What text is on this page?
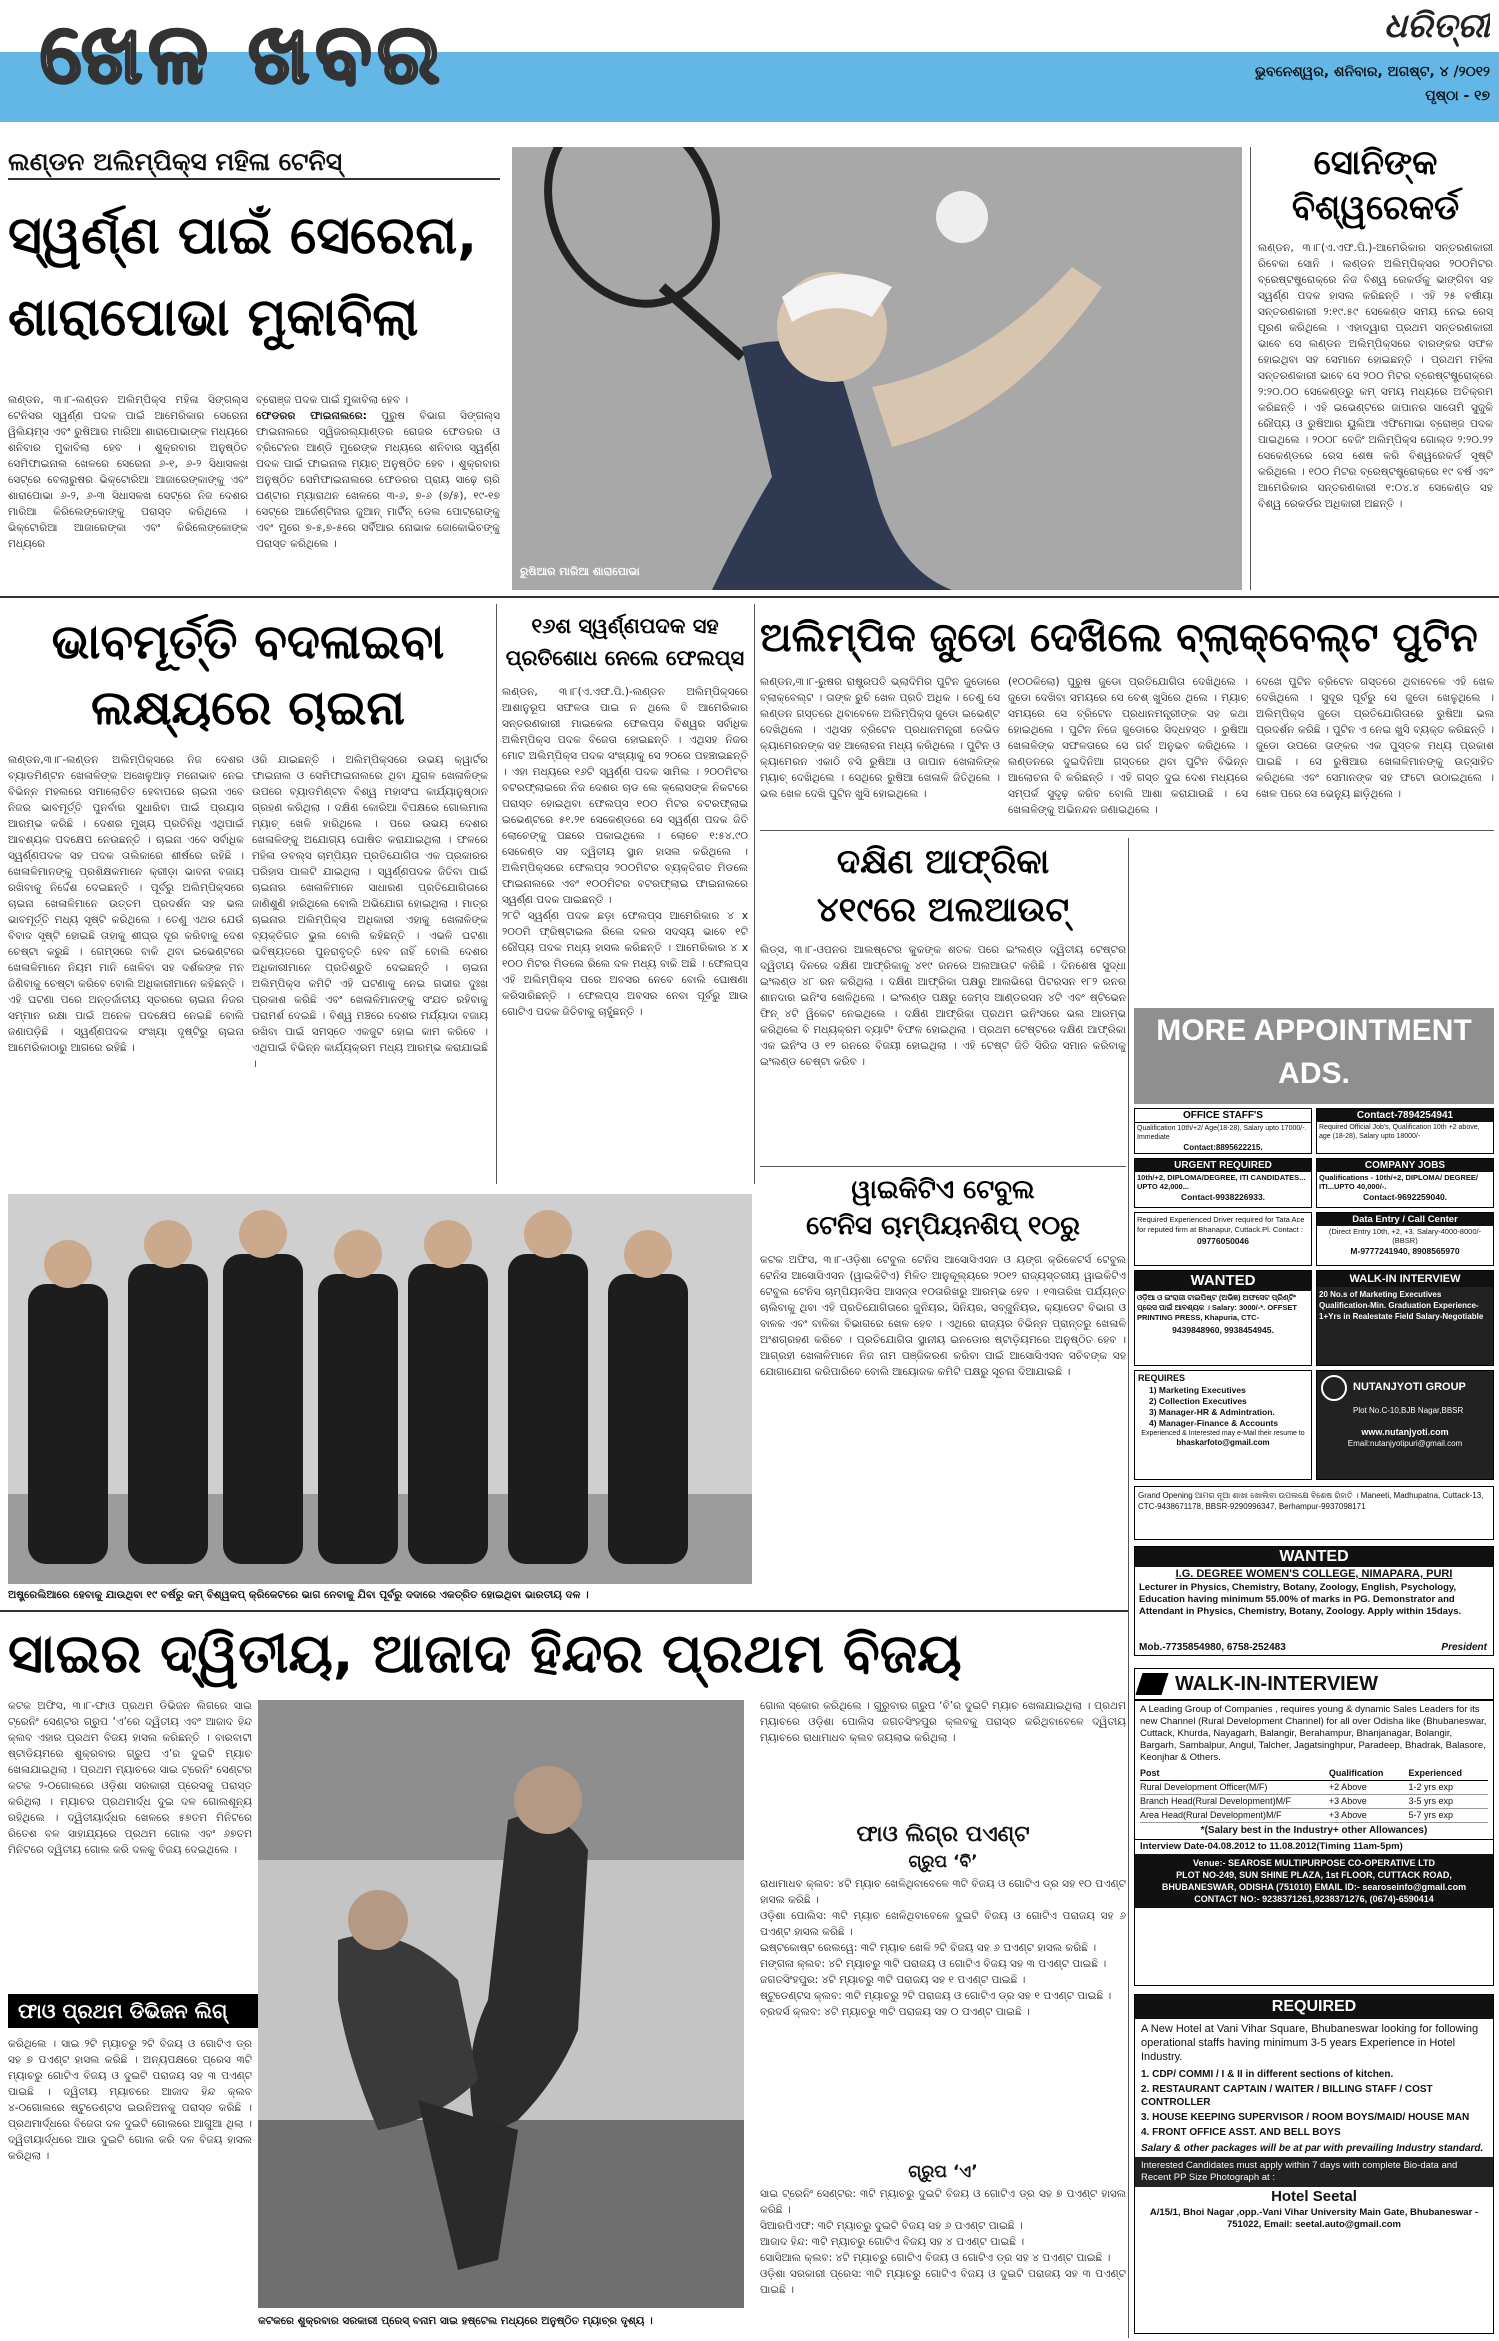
ଖେଳ ଖବର	ଧରିତ୍ରୀ
ଭୁବନେଶ୍ୱର, ଶନିବାର, ଅଗଷ୍ଟ, ୪ /୨୦୧୨
ପୃଷ୍ଠା - ୧୭
ଲଣ୍ଡନ ଅଲିମ୍ପିକ୍ସ ମହିଳା ଟେନିସ୍
ସ୍ୱର୍ଣ୍ଣ ପାଇଁ ସେରେନା,
ଶାରାପୋଭା ମୁକାବିଲା
ଲଣ୍ଡନ, ୩।୮-ଲଣ୍ଡନ ଅଲିମ୍ପିକ୍ସ ମହିଳା ସିଙ୍ଗଲ୍ସ ଟେନିସର ସ୍ୱର୍ଣ୍ଣ ପଦକ ପାଇଁ ଆମେରିକାର ସେରେନା ୱିଲିୟମ୍ସ ଏବଂ ରୁଷିଆର ମାରିଆ ଶାରାପୋଭାଙ୍କ ମଧ୍ୟରେ ଶନିବାର ମୁକାବିଲା ହେବ । ଶୁକ୍ରବାର ଅନୁଷ୍ଠିତ ସେମିଫାଇନାଲ ଖେଳରେ ସେରେନା ୬-୧, ୬-୨ ସିଧାସଳଖ ସେଟ୍‌ରେ ବେଲାରୁଷର ଭିକ୍ଟୋରିଆ ଆଜାରେଙ୍କାଙ୍କୁ ଏବଂ ଶାରାପୋଭା ୬-୨, ୬-୩ ସିଧାସଳଖ ସେଟ୍‌ରେ ନିଜ ଦେଶର ମାରିଆ କିରିଲେଙ୍କୋଙ୍କୁ ପରାସ୍ତ କରିଥିଲେ । ଭିକ୍ଟୋରିଆ ଆଜାରେଙ୍କା ଏବଂ କିରିଲେଙ୍କୋଙ୍କ ମଧ୍ୟରେ
ବ୍ରୋଞ୍ଜ ପଦକ ପାଇଁ ମୁକାବିଲା ହେବ ।
ଫେଡରର ଫାଇନାଲରେ: ପୁରୁଷ ବିଭାଗ ସିଙ୍ଗଲ୍ସ ଫାଇନାଲରେ ସ୍ୱିଜରଲ୍ୟାଣ୍ଡର ରୋଜର ଫେଡରର ଓ ବ୍ରିଟେନର ଆଣ୍ଡି ମୁରେଙ୍କ ମଧ୍ୟରେ ଶନିବାର ସ୍ୱର୍ଣ୍ଣ ପଦକ ପାଇଁ ଫାଇନାଲ ମ୍ୟାଚ୍ ଅନୁଷ୍ଠିତ ହେବ । ଶୁକ୍ରବାର ଅନୁଷ୍ଠିତ ସେମିଫାଇନାଲରେ ଫେଡରର ପ୍ରାୟ ସାଢ଼େ ଚାରି ଘଣ୍ଟାର ମ୍ୟାରାଥନ ଖେଳରେ ୩-୬, ୭-୬ (୭/୫), ୧୯-୧୭ ସେଟ୍‌ରେ ଆର୍ଜେଣ୍ଟିନାର ଜୁଆନ୍ ମାର୍ଟିନ୍ ଡେଲ ପୋଟ୍ରୋଙ୍କୁ ଏବଂ ମୁରେ ୭-୫,୭-୫ରେ ସର୍ବିଆର ନୋଭାକ ଜୋକୋଭିଚଙ୍କୁ ପରାସ୍ତ କରିଥିଲେ ।
ରୁଷିଆର ମାରିଆ ଶାରାପୋଭା
ସୋନିଙ୍କ
ବିଶ୍ୱରେକର୍ଡ
ଲଣ୍ଡନ, ୩।୮(ଏ.ଏଫ.ପି.)-ଆମେରିକାର ସନ୍ତରଣକାରୀ ରିବେକା ସୋନି । ଲଣ୍ଡନ ଅଲିମ୍ପିକ୍ସର ୨୦୦ମିଟର ବ୍ରେଷ୍ଟଷ୍ଟ୍ରୋକ୍‌ରେ ନିଜ ବିଶ୍ୱ ରେକର୍ଡକୁ ଭାଙ୍ଗିବା ସହ ସ୍ୱର୍ଣ୍ଣ ପଦକ ହାସଲ କରିଛନ୍ତି । ଏହି ୨୫ ବର୍ଷୀୟା ସନ୍ତରଣକାରୀ ୨:୧୯.୫୯ ସେକେଣ୍ଡ ସମୟ ନେଇ ରେସ୍ ପୂରଣ କରିଥିଲେ । ଏହାଦ୍ୱାରା ପ୍ରଥମ ସନ୍ତରଣକାରୀ ଭାବେ ସେ ଲଣ୍ଡନ ଅଲିମ୍ପିକ୍ସରେ ବାରଙ୍କର ସଫଳ ହୋଇଥିବା ସହ ସେମାନେ ହୋଇଛନ୍ତି । ପ୍ରଥମ ମହିଳା ସନ୍ତରଣକାରୀ ଭାବେ ସେ ୨୦୦ ମିଟର ବ୍ରେଷ୍ଟଷ୍ଟ୍ରୋକ୍‌ରେ ୨:୨୦.୦୦ ସେକେଣ୍ଡ୍‌ରୁ କମ୍ ସମୟ ମଧ୍ୟରେ ଅତିକ୍ରମ କରିଛନ୍ତି । ଏହି ଇଭେଣ୍ଟରେ ଜାପାନର ସାତୋମି ସୁଜୁକି ରୌପ୍ୟ ଓ ରୁଷିଆର ୟୁଲିଆ ଏଫିମୋଭା ବ୍ରୋଞ୍ଜ ପଦକ ପାଇଥିଲେ । ୨୦୦୮ ବେଜିଂ ଅଲିମ୍ପିକ୍ସ ଗୋଲ୍ଡ ୨:୨୦.୨୨ ସେକେଣ୍ଡରେ ରେସ ଶେଷ କରି ବିଶ୍ୱରେକର୍ଡ ସୃଷ୍ଟି କରିଥିଲେ । ୧୦୦ ମିଟର ବ୍ରେଷ୍ଟଷ୍ଟ୍ରୋକ୍‌ରେ ୧୯ ବର୍ଷ ଏବଂ ଆମେରିକାର ସନ୍ତରଣକାରୀ ୧:୦୪.୪ ସେକେଣ୍ଡ ସହ ବିଶ୍ୱ ରେକର୍ଡର ଅଧିକାରୀ ଅଛନ୍ତି ।
ଭାବମୂର୍ତ୍ତି ବଦଳାଇବା
ଲକ୍ଷ୍ୟରେ ଚାଇନା
ଲଣ୍ଡନ,୩।୮-ଲଣ୍ଡନ ଅଲିମ୍ପିକ୍ସରେ ନିଜ ଦେଶର ବ୍ୟାଡମିଣ୍ଟନ ଖେଳାଳିଙ୍କ ଅଖେଳୁଆଡ଼ ମନୋଭାବ ନେଇ ବିଭିନ୍ନ ମହଲରେ ସମାଲୋଚିତ ହେବାପରେ ଚାଇନା ଏବେ ନିଜର ଭାବମୂର୍ତ୍ତି ପୁନର୍ବାର ସୁଧାରିବା ପାଇଁ ପ୍ରୟାସ ଆରମ୍ଭ କରିଛି । ଦେଶର ମୁଖ୍ୟ ପ୍ରତିନିଧି ଏଥିପାଇଁ ଆବଶ୍ୟକ ପଦକ୍ଷେପ ନେଉଛନ୍ତି । ଚାଇନା ଏବେ ସର୍ବାଧିକ ସ୍ୱର୍ଣ୍ଣପଦକ ସହ ପଦକ ତାଲିକାରେ ଶୀର୍ଷରେ ରହିଛି । ଖେଳାଳିମାନଙ୍କୁ ପ୍ରଶିକ୍ଷକମାନେ କ୍ରୀଡ଼ା ଭାବନା ବଜାୟ ରଖିବାକୁ ନିର୍ଦ୍ଦେଶ ଦେଇଛନ୍ତି । ପୂର୍ବରୁ ଅଲିମ୍ପିକ୍ସରେ ଚାଇନା ଖେଳାଳିମାନେ ଉତ୍ତମ ପ୍ରଦର୍ଶନ ସହ ଭଲ ଭାବମୂର୍ତ୍ତି ମଧ୍ୟ ସୃଷ୍ଟି କରିଥିଲେ । ତେଣୁ ଏଥର ଯେଉଁ ବିବାଦ ସୃଷ୍ଟି ହୋଇଛି ତାହାକୁ ଶୀଘ୍ର ଦୂର କରିବାକୁ ଦେଶ ଚେଷ୍ଟା କରୁଛି । ଗେମ୍ସରେ ବାକି ଥିବା ଇଭେଣ୍ଟରେ ଖେଳାଳିମାନେ ନିୟମ ମାନି ଖେଳିବା ସହ ଦର୍ଶକଙ୍କ ମନ ଜିଣିବାକୁ ଚେଷ୍ଟା କରିବେ ବୋଲି ଅଧିକାରୀମାନେ କହିଛନ୍ତି । ଏହି ଘଟଣା ପରେ ଅନ୍ତର୍ଜାତୀୟ ସ୍ତରରେ ଚାଇନା ନିଜର ସମ୍ମାନ ରକ୍ଷା ପାଇଁ ଅନେକ ପଦକ୍ଷେପ ନେଇଛି ବୋଲି ଜଣାପଡ଼ିଛି । ସ୍ୱର୍ଣ୍ଣପଦକ ସଂଖ୍ୟା ଦୃଷ୍ଟିରୁ ଚାଇନା ଆମେରିକାଠାରୁ ଆଗରେ ରହିଛି ।
ଓରି ଯାଇଛନ୍ତି । ଅଲିମ୍ପିକ୍ସରେ ଉଭୟ କ୍ୱାର୍ଟର ଫାଇନାଲ ଓ ସେମିଫାଇନାଲରେ ଥିବା ଯୁଗଳ ଖେଳାଳିଙ୍କ ଉପରେ ବ୍ୟାଡମିଣ୍ଟନ ବିଶ୍ୱ ମହାସଂଘ କାର୍ଯ୍ୟାନୁଷ୍ଠାନ ଗ୍ରହଣ କରିଥିଲା । ଦକ୍ଷିଣ କୋରିଆ ବିପକ୍ଷରେ ଗୋଲମାଲ ମ୍ୟାଚ୍ ଖେଳି ହାରିଥିଲେ । ପରେ ଉଭୟ ଦେଶର ଖେଳାଳିଙ୍କୁ ଅଯୋଗ୍ୟ ଘୋଷିତ କରାଯାଇଥିଲା । ଫଳରେ ମହିଳା ଡବଲ୍ସ ଚାମ୍ପିୟନ ପ୍ରତିଯୋଗିତା ଏକ ପ୍ରକାରର ପରିହାସ ପାଲଟି ଯାଇଥିଲା । ସ୍ୱର୍ଣ୍ଣପଦକ ଜିତିବା ପାଇଁ ଚାଇନାର ଖେଳାଳିମାନେ ସାଧାରଣ ପ୍ରତିଯୋଗିତାରେ ଜାଣିଶୁଣି ହାରିଥିଲେ ବୋଲି ଅଭିଯୋଗ ହୋଇଥିଲା । ମାତ୍ର ଚାଇନାର ଅଲିମ୍ପିକ୍ସ ଅଧିକାରୀ ଏହାକୁ ଖେଳାଳିଙ୍କ ବ୍ୟକ୍ତିଗତ ଭୁଲ ବୋଲି କହିଛନ୍ତି । ଏଭଳି ଘଟଣା ଭବିଷ୍ୟତରେ ପୁନରାବୃତ୍ତି ହେବ ନାହିଁ ବୋଲି ଦେଶର ଅଧିକାରୀମାନେ ପ୍ରତିଶ୍ରୁତି ଦେଇଛନ୍ତି । ଚାଇନା ଅଲିମ୍ପିକ୍ସ କମିଟି ଏହି ଘଟଣାକୁ ନେଇ ଗଭୀର ଦୁଃଖ ପ୍ରକାଶ କରିଛି ଏବଂ ଖେଳାଳିମାନଙ୍କୁ ସଂଯତ ରହିବାକୁ ପରାମର୍ଶ ଦେଇଛି । ବିଶ୍ୱ ମଞ୍ଚରେ ଦେଶର ମର୍ଯ୍ୟାଦା ବଜାୟ ରଖିବା ପାଇଁ ସମସ୍ତେ ଏକଜୁଟ ହୋଇ କାମ କରିବେ । ଏଥିପାଇଁ ବିଭିନ୍ନ କାର୍ଯ୍ୟକ୍ରମ ମଧ୍ୟ ଆରମ୍ଭ କରାଯାଇଛି ।
୧୬ଶ ସ୍ୱର୍ଣ୍ଣପଦକ ସହ
ପ୍ରତିଶୋଧ ନେଲେ ଫେଲପ୍ସ
ଲଣ୍ଡନ, ୩।୮(ଏ.ଏଫ.ପି.)-ଲଣ୍ଡନ ଅଲିମ୍ପିକ୍ସରେ ଆଶାନୁରୂପ ସଫଳତା ପାଇ ନ ଥିଲେ ବି ଆମେରିକାର ସନ୍ତରଣକାରୀ ମାଇକେଲ ଫେଲପ୍ସ ବିଶ୍ୱର ସର୍ବାଧିକ ଅଲିମ୍ପିକ୍ସ ପଦକ ବିଜେତା ହୋଇଛନ୍ତି । ଏଥିସହ ନିଜର ମୋଟ ଅଲିମ୍ପିକ୍ସ ପଦକ ସଂଖ୍ୟାକୁ ସେ ୨୦ରେ ପହଞ୍ଚାଇଛନ୍ତି । ଏହା ମଧ୍ୟରେ ୧୬ଟି ସ୍ୱର୍ଣ୍ଣ ପଦକ ସାମିଲ । ୨୦୦ମିଟର ବଟରଫ୍ଲାଇରେ ନିଜ ଦେଶର ଚାଡ ଲେ କ୍ଲୋସଙ୍କ ନିକଟରେ ପରାସ୍ତ ହୋଇଥିବା ଫେଲପ୍ସ ୧୦୦ ମିଟର ବଟରଫ୍ଲାଇ ଇଭେଣ୍ଟରେ ୫୧.୨୧ ସେକେଣ୍ଡରେ ସେ ସ୍ୱର୍ଣ୍ଣ ପଦକ ଜିତି ଲୋଚେଙ୍କୁ ପଛରେ ପକାଇଥିଲେ । ଲୋଚେ ୧:୫୪.୯୦ ସେକେଣ୍ଡ ସହ ଦ୍ୱିତୀୟ ସ୍ଥାନ ହାସଲ କରିଥିଲେ । ଅଲିମ୍ପିକ୍ସରେ ଫେଲପ୍ସ ୨୦୦ମିଟର ବ୍ୟକ୍ତିଗତ ମିଡଲେ ଫାଇନାଲରେ ଏବଂ ୧୦୦ମିଟର ବଟରଫ୍ଲାଇ ଫାଇନାଲରେ ସ୍ୱର୍ଣ୍ଣ ପଦକ ପାଇଛନ୍ତି ।
୨୮ଟି ସ୍ୱର୍ଣ୍ଣ ପଦକ ଛଡ଼ା ଫେଲପ୍ସ ଆମେରିକାର ୪ x ୨୦୦ମି ଫ୍ରିଷ୍ଟାଇଲ ରିଲେ ଦଳର ସଦସ୍ୟ ଭାବେ ୧ଟି ରୌପ୍ୟ ପଦକ ମଧ୍ୟ ହାସଲ କରିଛନ୍ତି । ଆମେରିକାର ୪ x ୧୦୦ ମିଟର ମିଡଲେ ରିଲେ ଦଳ ମଧ୍ୟ ବାକି ଅଛି । ଫେଲପ୍ସ ଏହି ଅଲିମ୍ପିକ୍ସ ପରେ ଅବସର ନେବେ ବୋଲି ଘୋଷଣା କରିସାରିଛନ୍ତି । ଫେଲପ୍ସ ଅବସର ନେବା ପୂର୍ବରୁ ଆଉ ଗୋଟିଏ ପଦକ ଜିତିବାକୁ ଚାହୁଁଛନ୍ତି ।
ଅଲିମ୍ପିକ ଜୁଡୋ ଦେଖିଲେ ବ୍ଲାକ୍‌ବେଲ୍ଟ ପୁଟିନ
ଲଣ୍ଡନ,୩।୮-ରୁଷର ରାଷ୍ଟ୍ରପତି ଭ୍ଲାଦିମିର ପୁଟିନ ଜୁଡୋରେ ବ୍ଲାକ୍‌ବେଲ୍ଟ । ତାଙ୍କ ରୁଚି ଖେଳ ପ୍ରତି ଅଧିକ । ତେଣୁ ସେ ଲଣ୍ଡନ ଗସ୍ତରେ ଥିବାବେଳେ ଅଲିମ୍ପିକ୍ସ ଜୁଡୋ ଇଭେଣ୍ଟ ଦେଖିଥିଲେ । ଏଥିସହ ବ୍ରିଟେନ ପ୍ରଧାନମନ୍ତ୍ରୀ ଡେଭିଡ କ୍ୟାମେରନଙ୍କ ସହ ଆଲୋଚନା ମଧ୍ୟ କରିଥିଲେ । ପୁଟିନ ଓ କ୍ୟାମେରନ ଏକାଠି ବସି ରୁଷିଆ ଓ ଜାପାନ ଖେଳାଳିଙ୍କ ମ୍ୟାଚ୍ ଦେଖିଥିଲେ । ସେଥିରେ ରୁଷିଆ ଖେଳାଳି ଜିତିଥିଲେ । ଭଲ ଖେଳ ଦେଖି ପୁଟିନ ଖୁସି ହୋଇଥିଲେ ।
(୧୦୦କିଲୋ) ପୁରୁଷ ଜୁଡୋ ପ୍ରତିଯୋଗିତା ଦେଖିଥିଲେ । ଜୁଡୋ ଦେଖିବା ସମୟରେ ସେ ବେଶ୍ ଖୁସିରେ ଥିଲେ । ମ୍ୟାଚ୍ ସମୟରେ ସେ ବ୍ରିଟେନ ପ୍ରଧାନମନ୍ତ୍ରୀଙ୍କ ସହ କଥା ହୋଇଥିଲେ । ପୁଟିନ ନିଜେ ଜୁଡୋରେ ସିଦ୍ଧହସ୍ତ । ରୁଷିଆ ଖେଳାଳିଙ୍କ ସଫଳତାରେ ସେ ଗର୍ବ ଅନୁଭବ କରିଥିଲେ । ଲଣ୍ଡନରେ ଦୁଇଦିନିଆ ଗସ୍ତରେ ଥିବା ପୁଟିନ ବିଭିନ୍ନ ଆଲୋଚନା ବି କରିଛନ୍ତି । ଏହି ଗସ୍ତ ଦୁଇ ଦେଶ ମଧ୍ୟରେ ସମ୍ପର୍କ ସୁଦୃଢ଼ କରିବ ବୋଲି ଆଶା କରାଯାଉଛି । ସେ ଖେଳାଳିଙ୍କୁ ଅଭିନନ୍ଦନ ଜଣାଇଥିଲେ ।
ଦେଖେ ପୁଟିନ ବ୍ରିଟେନ ଗସ୍ତରେ ଥିବାବେଳେ ଏହି ଖେଳ ଦେଖିଥିଲେ । ସୁଦୂର ପୂର୍ବରୁ ସେ ଜୁଡୋ ଖେଳୁଥିଲେ । ଅଲିମ୍ପିକ୍ସ ଜୁଡୋ ପ୍ରତିଯୋଗିତାରେ ରୁଷିଆ ଭଲ ପ୍ରଦର୍ଶନ କରିଛି । ପୁଟିନ ଏ ନେଇ ଖୁସି ବ୍ୟକ୍ତ କରିଛନ୍ତି । ଜୁଡୋ ଉପରେ ତାଙ୍କର ଏକ ପୁସ୍ତକ ମଧ୍ୟ ପ୍ରକାଶ ପାଇଛି । ସେ ରୁଷିଆର ଖେଳାଳିମାନଙ୍କୁ ଉତ୍ସାହିତ କରିଥିଲେ ଏବଂ ସେମାନଙ୍କ ସହ ଫଟୋ ଉଠାଇଥିଲେ । ଖେଳ ପରେ ସେ ଭେନ୍ୟୁ ଛାଡ଼ିଥିଲେ ।
ଦକ୍ଷିଣ ଆଫ୍ରିକା
୪୧୯ରେ ଅଲଆଉଟ୍
ଲିଡ୍ସ, ୩।୮-ଓପନର ଆଲଷ୍ଟେର କୁକଙ୍କ ଶତକ ପରେ ଇଂଲଣ୍ଡ ଦ୍ୱିତୀୟ ଟେଷ୍ଟର ଦ୍ୱିତୀୟ ଦିନରେ ଦକ୍ଷିଣ ଆଫ୍ରିକାକୁ ୪୧୯ ରନରେ ଅଲଆଉଟ କରିଛି । ଦିନଶେଷ ସୁଦ୍ଧା ଇଂଲଣ୍ଡ ୪୮ ରନ କରିଥିଲା । ଦକ୍ଷିଣ ଆଫ୍ରିକା ପକ୍ଷରୁ ଆଲଭିରୋ ପିଟରସନ ୧୮୨ ରନର ଶାନଦାର ଇନିଂସ ଖେଳିଥିଲେ । ଇଂଲଣ୍ଡ ପକ୍ଷରୁ ଜେମ୍ସ ଆଣ୍ଡରସନ ୪ଟି ଏବଂ ଷ୍ଟିଭେନ ଫିନ୍ ୪ଟି ୱିକେଟ ନେଇଥିଲେ । ଦକ୍ଷିଣ ଆଫ୍ରିକା ପ୍ରଥମ ଇନିଂସରେ ଭଲ ଆରମ୍ଭ କରିଥିଲେ ବି ମଧ୍ୟକ୍ରମ ବ୍ୟାଟିଂ ବିଫଳ ହୋଇଥିଲା । ପ୍ରଥମ ଟେଷ୍ଟରେ ଦକ୍ଷିଣ ଆଫ୍ରିକା ଏକ ଇନିଂସ ଓ ୧୨ ରନରେ ବିଜୟୀ ହୋଇଥିଲା । ଏହି ଟେଷ୍ଟ ଜିତି ସିରିଜ ସମାନ କରିବାକୁ ଇଂଲଣ୍ଡ ଚେଷ୍ଟା କରିବ ।
ୱାଇକିଟିଏ ଟେବୁଲ
ଟେନିସ ଚାମ୍ପିୟନଶିପ୍ ୧୦ରୁ
କଟକ ଅଫିସ, ୩।୮-ଓଡ଼ିଶା ଟେବୁଲ ଟେନିସ ଆସୋସିଏସନ ଓ ୟଙ୍ଗ କ୍ରିକେଟର୍ସ ଟେବୁଲ ଟେନିସ ଆସୋସିଏସନ (ୱାଇକିଟିଏ) ମିଳିତ ଆନୁକୂଲ୍ୟରେ ୨୦୧୨ ରାଜ୍ୟସ୍ତରୀୟ ୱାଇକିଟିଏ ଟେବୁଲ ଟେନିସ ଚାମ୍ପିୟନସିପ ଆସନ୍ତା ୧୦ତାରିଖରୁ ଆରମ୍ଭ ହେବ । ୧୩ତାରିଖ ପର୍ଯ୍ୟନ୍ତ ଚାଲିବାକୁ ଥିବା ଏହି ପ୍ରତିଯୋଗିତାରେ ଜୁନିୟର, ସିନିୟର, ସବ୍‌ଜୁନିୟର, କ୍ୟାଡେଟ ବିଭାଗ ଓ ବାଳକ ଏବଂ ବାଳିକା ବିଭାଗରେ ଖେଳ ହେବ । ଏଥିରେ ରାଜ୍ୟର ବିଭିନ୍ନ ପ୍ରାନ୍ତରୁ ଖେଳାଳି ଅଂଶଗ୍ରହଣ କରିବେ । ପ୍ରତିଯୋଗିତା ସ୍ଥାନୀୟ ଇନଡୋର ଷ୍ଟାଡ଼ିୟମରେ ଅନୁଷ୍ଠିତ ହେବ । ଆଗ୍ରହୀ ଖେଳାଳିମାନେ ନିଜ ନାମ ପଞ୍ଜିକରଣ କରିବା ପାଇଁ ଆସୋସିଏସନ ସଚିବଙ୍କ ସହ ଯୋଗାଯୋଗ କରିପାରିବେ ବୋଲି ଆୟୋଜକ କମିଟି ପକ୍ଷରୁ ସୂଚନା ଦିଆଯାଇଛି ।
ଅଷ୍ଟ୍ରେଲିଆରେ ହେବାକୁ ଯାଉଥିବା ୧୯ ବର୍ଷରୁ କମ୍ ବିଶ୍ୱକପ୍ କ୍ରିକେଟରେ ଭାଗ ନେବାକୁ ଯିବା ପୂର୍ବରୁ ଦଦାରେ ଏକତ୍ରିତ ହୋଇଥିବା ଭାରତୀୟ ଦଳ ।
ସାଇର ଦ୍ୱିତୀୟ, ଆଜାଦ ହିନ୍ଦର ପ୍ରଥମ ବିଜୟ
କଟକ ଅଫିସ, ୩।୮-ଫାଓ ପ୍ରଥମ ଡିଭିଜନ ଲିଗରେ ସାଇ ଟ୍ରେନିଂ ସେଣ୍ଟର ଗ୍ରୁପ ‘ଏ’ରେ ଦ୍ୱିତୀୟ ଏବଂ ଆଜାଦ ହିନ୍ଦ କ୍ଲବ ଏହାର ପ୍ରଥମ ବିଜୟ ହାସଲ କରିଛନ୍ତି । ବାରବାଟୀ ଷ୍ଟାଡିୟମରେ ଶୁକ୍ରବାର ଗ୍ରୁପ ଏ’ର ଦୁଇଟି ମ୍ୟାଚ ଖେଳାଯାଇଥିଲା । ପ୍ରଥମ ମ୍ୟାଚରେ ସାଇ ଟ୍ରେନିଂ ସେଣ୍ଟର କଟକ ୨-୦ଗୋଲରେ ଓଡ଼ିଶା ସରକାରୀ ପ୍ରେସକୁ ପରାସ୍ତ କରିଥିଲା । ମ୍ୟାଚର ପ୍ରଥମାର୍ଦ୍ଧ ଦୁଇ ଦଳ ଗୋଲଶୂନ୍ୟ ରହିଥିଲେ । ଦ୍ୱିତୀୟାର୍ଦ୍ଧର ଖେଳରେ ୫୭ତମ ମିନିଟରେ ରିତେଶ ବଳ ସାହାଯ୍ୟରେ ପ୍ରଥମ ଗୋଲ ଏବଂ ୬୭ତମ ମିନିଟରେ ଦ୍ୱିତୀୟ ଗୋଲ କରି ଦଳକୁ ବିଜୟ ଦେଇଥିଲେ ।
ଫାଓ ପ୍ରଥମ ଡିଭିଜନ ଲିଗ୍
କରିଥିଲେ । ସାଇ ୨ଟି ମ୍ୟାଚରୁ ୨ଟି ବିଜୟ ଓ ଗୋଟିଏ ଡ୍ର ସହ ୭ ପଏଣ୍ଟ ହାସଲ କରିଛି । ଅନ୍ୟପକ୍ଷରେ ପ୍ରେସ ୩ଟି ମ୍ୟାଚରୁ ଗୋଟିଏ ବିଜୟ ଓ ଦୁଇଟି ପରାଜୟ ସହ ୩ ପଏଣ୍ଟ ପାଇଛି । ଦ୍ୱିତୀୟ ମ୍ୟାଚରେ ଆଜାଦ ହିନ୍ଦ କ୍ଲବ ୪-୦ଗୋଲରେ ଷ୍ଟୁଡେଣ୍ଟସ ଇଉନିଅନକୁ ପରାସ୍ତ କରିଛି । ପ୍ରଥମାର୍ଦ୍ଧରେ ବିଜେତା ଦଳ ଦୁଇଟି ଗୋଲରେ ଆଗୁଆ ଥିଲା । ଦ୍ୱିତୀୟାର୍ଦ୍ଧରେ ଆଉ ଦୁଇଟି ଗୋଲ କରି ଦଳ ବିଜୟ ହାସଲ କରିଥିଲା ।
କଟକରେ ଶୁକ୍ରବାର ସରକାରୀ ପ୍ରେସ୍ ବନାମ ସାଇ ହଷ୍ଟେଲ ମଧ୍ୟରେ ଅନୁଷ୍ଠିତ ମ୍ୟାଚ୍‌ର ଦୃଶ୍ୟ ।
ଗୋଲ ସ୍କୋର କରିଥିଲେ । ଗୁରୁବାର ଗ୍ରୁପ ‘ବି’ର ଦୁଇଟି ମ୍ୟାଚ ଖେଳାଯାଇଥିଲା । ପ୍ରଥମ ମ୍ୟାଚରେ ଓଡ଼ିଶା ପୋଲିସ ଜଗତସିଂହପୁର କ୍ଲବକୁ ପରାସ୍ତ କରିଥିବାବେଳେ ଦ୍ୱିତୀୟ ମ୍ୟାଚରେ ରାଧାମାଧବ କ୍ଲବ ଜୟଲାଭ କରିଥିଲା ।
ଫାଓ ଲିଗ୍‌ର ପଏଣ୍ଟ
ଗ୍ରୁପ ‘ବି’
ରାଧାମାଧବ କ୍ଲବ: ୪ଟି ମ୍ୟାଚ ଖେଳିଥିବାବେଳେ ୩ଟି ବିଜୟ ଓ ଗୋଟିଏ ଡ୍ର ସହ ୧୦ ପଏଣ୍ଟ ହାସଲ କରିଛି ।
ଓଡ଼ିଶା ପୋଲିସ: ୩ଟି ମ୍ୟାଚ ଖେଳିଥିବାବେଳେ ଦୁଇଟି ବିଜୟ ଓ ଗୋଟିଏ ପରାଜୟ ସହ ୬ ପଏଣ୍ଟ ହାସଲ କରିଛି ।
ଇଷ୍ଟକୋଷ୍ଟ ରେଲୱେ: ୩ଟି ମ୍ୟାଚ ଖେଳି ୨ଟି ବିଜୟ ସହ ୬ ପଏଣ୍ଟ ହାସଲ କରିଛି ।
ମଙ୍ଗଳା କ୍ଲବ: ୪ଟି ମ୍ୟାଚରୁ ୩ଟି ପରାଜୟ ଓ ଗୋଟିଏ ବିଜୟ ସହ ୩ ପଏଣ୍ଟ ପାଇଛି ।
ଜଗତସିଂହପୁର: ୪ଟି ମ୍ୟାଚରୁ ୩ଟି ପରାଜୟ ସହ ୧ ପଏଣ୍ଟ ପାଇଛି ।
ଷ୍ଟୁଡେଣ୍ଟସ କ୍ଲବ: ୩ଟି ମ୍ୟାଚରୁ ୨ଟି ପରାଜୟ ଓ ଗୋଟିଏ ଡ୍ର ସହ ୧ ପଏଣ୍ଟ ପାଇଛି ।
ବ୍ରଦର୍ସ କ୍ଲବ: ୪ଟି ମ୍ୟାଚରୁ ୩ଟି ପରାଜୟ ସହ ୦ ପଏଣ୍ଟ ପାଇଛି ।
ଗ୍ରୁପ ‘ଏ’
ସାଇ ଟ୍ରେନିଂ ସେଣ୍ଟର: ୩ଟି ମ୍ୟାଚରୁ ଦୁଇଟି ବିଜୟ ଓ ଗୋଟିଏ ଡ୍ର ସହ ୭ ପଏଣ୍ଟ ହାସଲ କରିଛି ।
ସିଆରପିଏଫ: ୩ଟି ମ୍ୟାଚରୁ ଦୁଇଟି ବିଜୟ ସହ ୬ ପଏଣ୍ଟ ପାଇଛି ।
ଆଜାଦ ହିନ୍ଦ: ୩ଟି ମ୍ୟାଚରୁ ଗୋଟିଏ ବିଜୟ ସହ ୪ ପଏଣ୍ଟ ପାଇଛି ।
ସୋସିଆଲ କ୍ଲବ: ୪ଟି ମ୍ୟାଚରୁ ଗୋଟିଏ ବିଜୟ ଓ ଗୋଟିଏ ଡ୍ର ସହ ୪ ପଏଣ୍ଟ ପାଇଛି ।
ଓଡ଼ିଶା ସରକାରୀ ପ୍ରେସ: ୩ଟି ମ୍ୟାଚରୁ ଗୋଟିଏ ବିଜୟ ଓ ଦୁଇଟି ପରାଜୟ ସହ ୩ ପଏଣ୍ଟ ପାଇଛି ।
MORE APPOINTMENT
ADS.
OFFICE STAFF'S
Qualification 10th/+2/ Age(18-28), Salary upto 17000/-. Immediate
Contact:8895622215.
Contact-7894254941
Required Official Job's, Qualification 10th +2 above, age (18-28), Salary upto 18000/-
URGENT REQUIRED
10th/+2, DIPLOMA/DEGREE, ITI CANDIDATES... UPTO 42,000...
Contact-9938226933.
COMPANY JOBS
Qualifications - 10th/+2, DIPLOMA/ DEGREE/ ITI...UPTO 40,000/-.
Contact-9692259040.
Required Experienced Driver required for Tata Ace for reputed firm at Bhanapur, Cuttack.Pl. Contact :
09776050046
Data Entry / Call Center
(Direct Entry 10th, +2, +3. Salary-4000-8000/- (BBSR)
M-9777241940, 8908565970
WANTED
ଓଡ଼ିଆ ଓ ଇଂରାଜୀ ଟାଇପିଷ୍ଟ (ଅଭିଜ୍ଞ) ଅଫସେଟ ପ୍ରିଣ୍ଟିଂ ପ୍ରେସ ପାଇଁ ଆବଶ୍ୟକ । Salary: 3000/-*. OFFSET PRINTING PRESS, Khapuria, CTC-
9439848960, 9938454945.
WALK-IN INTERVIEW
20 No.s of Marketing Executives Qualification-Min. Graduation Experience-1+Yrs in Realestate Field Salary-Negotiable
REQUIRES
1) Marketing Executives
2) Collection Executives
3) Manager-HR & Admintration.
4) Manager-Finance & Accounts
Experienced & Interested may e-Mail their resume to
bhaskarfoto@gmail.com
NUTANJYOTI GROUP
Plot No.C-10,BJB Nagar,BBSR
www.nutanjyoti.com
Email:nutanjyotipuri@gmail.com
Grand Opening ଆମର ନୂଆ ଶାଖା ଖୋଲିବା ଉପଲକ୍ଷେ ବିଶେଷ ରିହାତି । Maneeti, Madhupatna, Cuttack-13, CTC-9438671178, BBSR-9290996347, Berhampur-9937098171
WANTED
I.G. DEGREE WOMEN'S COLLEGE, NIMAPARA, PURI
Lecturer in Physics, Chemistry, Botany, Zoology, English, Psychology, Education having minimum 55.00% of marks in PG. Demonstrator and Attendant in Physics, Chemistry, Botany, Zoology. Apply within 15days.
Mob.-7735854980, 6758-252483	President
WALK-IN-INTERVIEW
A Leading Group of Companies , requires young & dynamic Sales Leaders for its new Channel (Rural Development Channel) for all over Odisha like (Bhubaneswar, Cuttack, Khurda, Nayagarh, Balangir, Berahampur, Bhanjanagar, Bolangir, Bargarh, Sambalpur, Angul, Talcher, Jagatsinghpur, Paradeep, Bhadrak, Balasore, Keonjhar & Others.
Post	Qualification	Experienced
Rural Development Officer(M/F)	+2 Above	1-2 yrs exp
Branch Head(Rural Development)M/F	+3 Above	3-5 yrs exp
Area Head(Rural Development)M/F	+3 Above	5-7 yrs exp
*(Salary best in the Industry+ other Allowances)
Interview Date-04.08.2012 to 11.08.2012(Timing 11am-5pm)
Venue:- SEAROSE MULTIPURPOSE CO-OPERATIVE LTD
PLOT NO-249, SUN SHINE PLAZA, 1st FLOOR, CUTTACK ROAD, BHUBANESWAR, ODISHA (751010) EMAIL ID:- searoseinfo@gmail.com
CONTACT NO:- 9238371261,9238371276, (0674)-6590414
REQUIRED
A New Hotel at Vani Vihar Square, Bhubaneswar looking for following operational staffs having minimum 3-5 years Experience in Hotel Industry.
1. CDP/ COMMI / I & II in different sections of kitchen.
2. RESTAURANT CAPTAIN / WAITER / BILLING STAFF / COST CONTROLLER
3. HOUSE KEEPING SUPERVISOR / ROOM BOYS/MAID/ HOUSE MAN
4. FRONT OFFICE ASST. AND BELL BOYS
Salary & other packages will be at par with prevailing Industry standard.
Interested Candidates must apply within 7 days with complete Bio-data and Recent PP Size Photograph at :
Hotel Seetal
A/15/1, Bhoi Nagar ,opp.-Vani Vihar University Main Gate, Bhubaneswar - 751022, Email: seetal.auto@gmail.com
